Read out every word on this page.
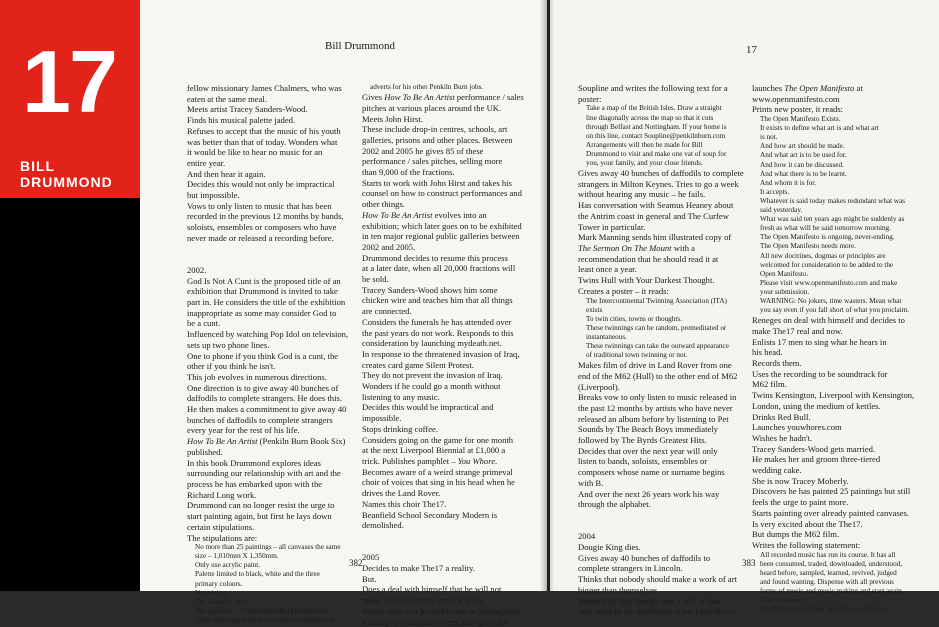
17
BILL DRUMMOND
Bill Drummond

fellow missionary James Chalmers, who was

eaten at the same meal.

Meets artist Tracey Sanders-Wood.

Finds his musical palette jaded.

Refuses to accept that the music of his youth

was better than that of today. Wonders what

it would be like to hear no music for an

entire year.

And then hear it again.

Decides this would not only be impractical

but impossible.

Vows to only listen to music that has been

recorded in the previous 12 months by bands,

soloists, ensembles or composers who have

never made or released a recording before.

2002.

God Is Not A Cunt is the proposed title of an

exhibition that Drummond is invited to take

part in. He considers the title of the exhibition

inappropriate as some may consider God to

be a cunt.

Influenced by watching Pop Idol on television,

sets up two phone lines.

One to phone if you think God is a cunt, the

other if you think he isn't.

This job evolves in numerous directions.

One direction is to give away 40 bunches of

daffodils to complete strangers. He does this.

He then makes a commitment to give away 40

bunches of daffodils to complete strangers

every year for the rest of his life.

How To Be An Artist (Penkiln Burn Book Six)

published.

In this book Drummond explores ideas

surrounding our relationship with art and the

process he has embarked upon with the

Richard Long work.

Drummond can no longer resist the urge to

start painting again, but first he lays down

certain stipulations.

The stipulations are:

No more than 25 paintings – all canvases the same

size – 1,010mm X 1,350mm.

Only use acrylic paint.

Palette limited to black, white and the three

primary colours.

No mixing.

The subject – text.

The typeface – Trade Gothic Bold Condensed.

These paintings must act as markers signposts or

adverts for his other Penkiln Burn jobs.

Gives How To Be An Artist performance / sales

pitches at various places around the UK.

Meets John Hirst.

These include drop-in centres, schools, art

galleries, prisons and other places. Between

2002 and 2005 he gives 85 of these

performance / sales pitches, selling more

than 9,000 of the fractions.

Starts to work with John Hirst and takes his

counsel on how to construct performances and

other things.

How To Be An Artist evolves into an

exhibition; which later goes on to be exhibited

in ten major regional public galleries between

2002 and 2005.

Drummond decides to resume this process

at a later date, when all 20,000 fractions will

be sold.

Tracey Sanders-Wood shows him some

chicken wire and teaches him that all things

are connected.

Considers the funerals he has attended over

the past years do not work. Responds to this

consideration by launching mydeath.net.

In response to the threatened invasion of Iraq,

creates card game Silent Protest.

They do not prevent the invasion of Iraq.

Wonders if he could go a month without

listening to any music.

Decides this would be impractical and

impossible.

Stops drinking coffee.

Considers going on the game for one month

at the next Liverpool Biennial at £1,000 a

trick. Publishes pamphlet – You Whore.

Becomes aware of a weird strange primeval

choir of voices that sing in his head when he

drives the Land Rover.

Names this choir The17.

Beanfield School Secondary Modern is

demolished.

2005

Decides to make The17 a reality.

But.

Does a deal with himself that he will not

make The17 a reality until he is 60.

Makes soup in a packed house in Nottingham,

a strangely successful event. Instigates the

382
17

Soupline and writes the following text for a

poster:

Take a map of the British Isles. Draw a straight

line diagonally across the map so that it cuts

through Belfast and Nottingham. If your home is

on this line, contact Soupline@penkilnburn.com

Arrangements will then be made for Bill

Drummond to visit and make one vat of soup for

you, your family, and your close friends.

Gives away 40 bunches of daffodils to complete

strangers in Milton Keynes. Tries to go a week

without hearing any music – he fails.

Has conversation with Seamus Heaney about

the Antrim coast in general and The Curfew

Tower in particular.

Mark Manning sends him illustrated copy of

The Sermon On The Mount with a

recommendation that he should read it at

least once a year.

Twins Hull with Your Darkest Thought.

Creates a poster – it reads:

The Intercontinental Twinning Association (ITA)

exists

To twin cities, towns or thoughts.

These twinnings can be random, premeditated or

instantaneous.

These twinnings can take the outward appearance

of traditional town twinning or not.

Makes film of drive in Land Rover from one

end of the M62 (Hull) to the other end of M62

(Liverpool).

Breaks vow to only listen to music released in

the past 12 months by artists who have never

released an album before by listening to Pet

Sounds by The Beach Boys immediately

followed by The Byrds Greatest Hits.

Decides that over the next year will only

listen to bands, soloists, ensembles or

composers whose name or surname begins

with B.

And over the next 26 years work his way

through the alphabet.

2004

Dougie King dies.

Gives away 40 bunches of daffodils to

complete strangers in Lincoln.

Thinks that nobody should make a work of art

bigger than themselves.

Inspired by this thought and a ball of blue

tack stuck to the dashboard of his Land Rover

launches The Open Manifesto at

www.openmanifesto.com

Prints new poster, it reads:

The Open Manifesto Exists.

It exists to define what art is and what art

is not.

And how art should be made.

And what art is to be used for.

And how it can be discussed.

And what there is to be learnt.

And whom it is for.

It accepts.

Whatever is said today makes redundant what was

said yesterday.

What was said ten years ago might be suddenly as

fresh as what will be said tomorrow morning.

The Open Manifesto is ongoing, never-ending.

The Open Manifesto needs more.

All new doctrines, dogmas or principles are

welcomed for consideration to be added to the

Open Manifesto.

Please visit www.openmanifesto.com and make

your submission.

WARNING: No jokers, time wasters. Mean what

you say even if you fall short of what you proclaim.

Reneges on deal with himself and decides to

make The17 real and now.

Enlists 17 men to sing what he hears in

his head.

Records them.

Uses the recording to be soundtrack for

M62 film.

Twins Kensington, Liverpool with Kensington,

London, using the medium of kettles.

Drinks Red Bull.

Launches youwhores.com

Wishes he hadn't.

Tracey Sanders-Wood gets married.

He makes her and groom three-tiered

wedding cake.

She is now Tracey Moberly.

Discovers he has painted 25 paintings but still

feels the urge to paint more.

Starts painting over already painted canvases.

Is very excited about the The17.

But dumps the M62 film.

Writes the following statement:

All recorded music has run its course. It has all

been consumed, traded, downloaded, understood,

heard before, sampled, learned, revived, judged

and found wanting. Dispense with all previous

forms of music and music making and start again.

Year zero now.

The17 is a choir. Their music has no history,

383
